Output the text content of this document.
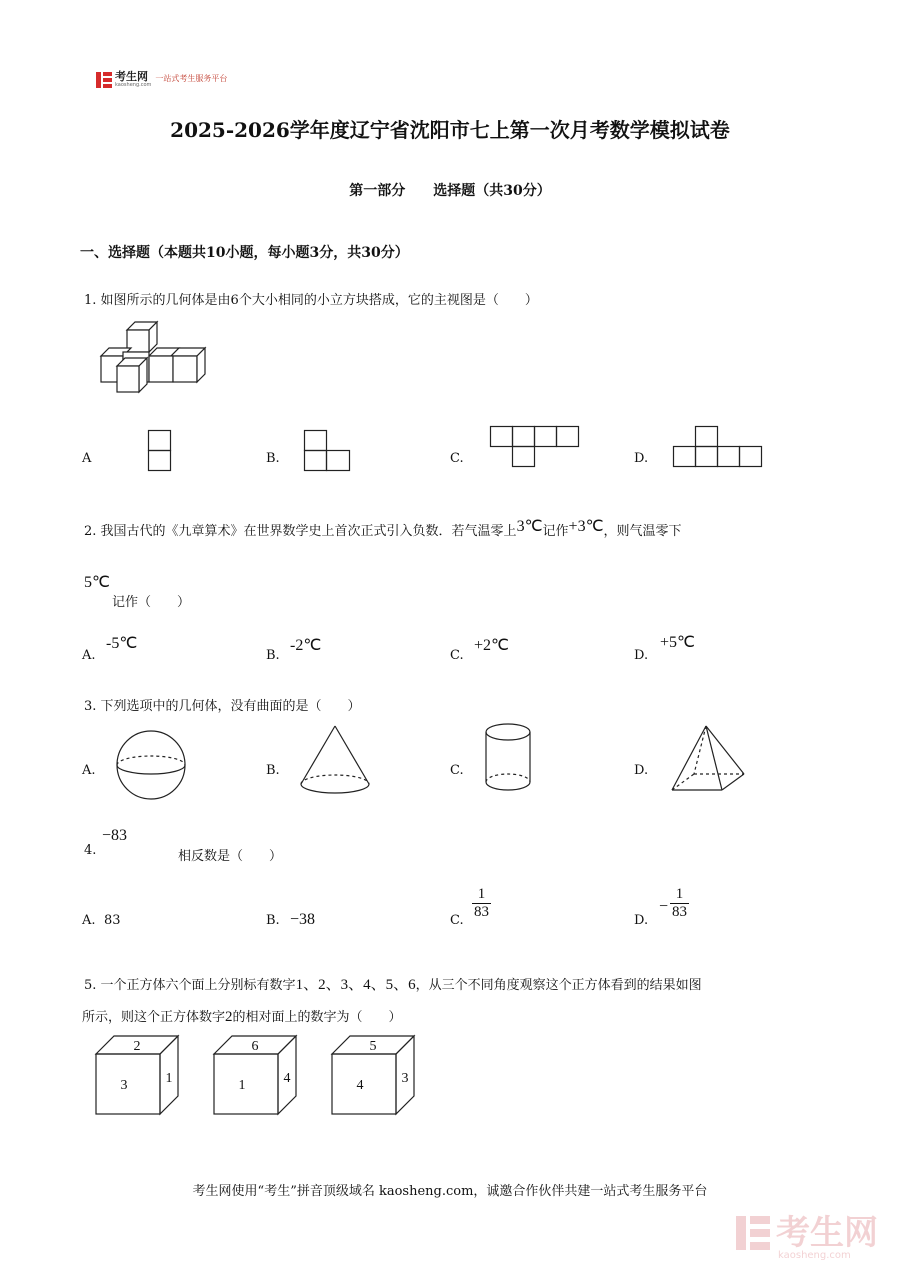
考生网
kaosheng.com
一站式考生服务平台
2025-2026学年度辽宁省沈阳市七上第一次月考数学模拟试卷
第一部分 选择题（共30分）
一、选择题（本题共10小题，每小题3分，共30分）
1. 如图所示的几何体是由6个大小相同的小立方块搭成，它的主视图是（　　）
A	B.	C.	D.
2. 我国古代的《九章算术》在世界数学史上首次正式引入负数．若气温零上3℃记作+3℃，则气温零下
5℃
记作（　　）
A.
-5℃
B.
-2℃
C.
+2℃
D.
+5℃
3. 下列选项中的几何体，没有曲面的是（　　）
A.	B.	C.	D.
4.
−83
相反数是（　　）
A. 83	B. −38	C. $\frac{1}{83}$	D.
− $\frac{1}{83}$
5. 一个正方体六个面上分别标有数字1、2、3、4、5、6，从三个不同角度观察这个正方体看到的结果如图
所示，则这个正方体数字2的相对面上的数字为（　　）
2
3	1
6
1	4
5
4	3
考生网使用“考生”拼音顶级域名 kaosheng.com，诚邀合作伙伴共建一站式考生服务平台
考生网
kaosheng.com
